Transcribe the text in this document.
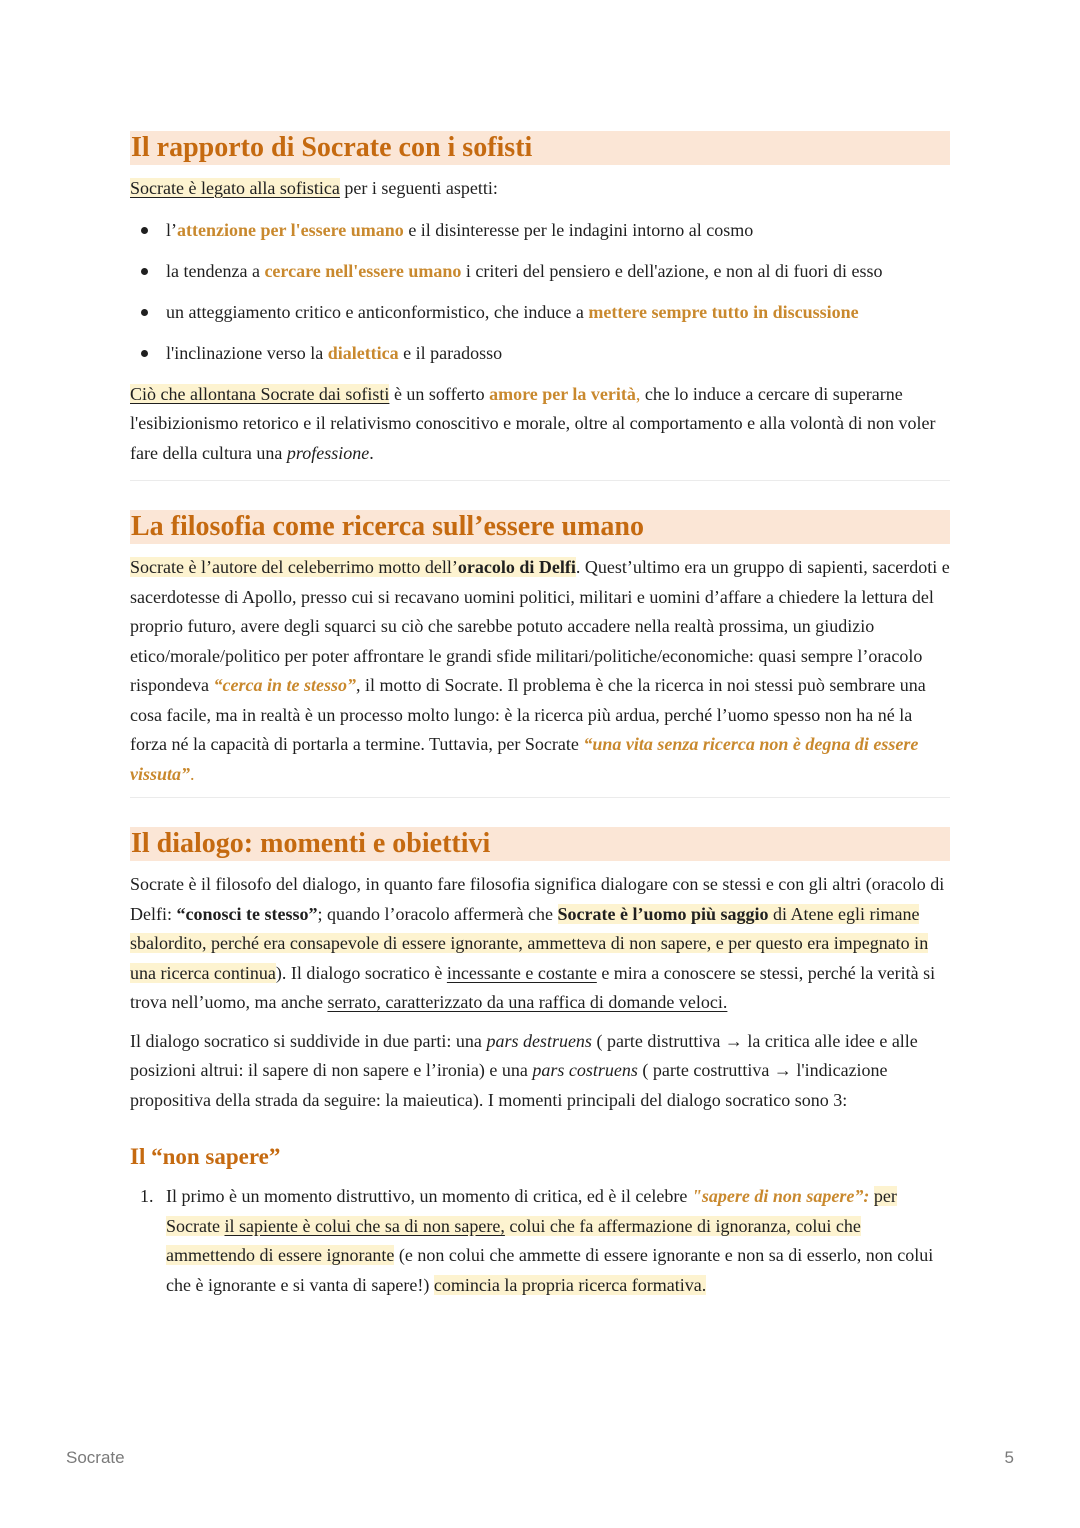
Il rapporto di Socrate con i sofisti

Socrate è legato alla sofistica per i seguenti aspetti:

l’attenzione per l'essere umano e il disinteresse per le indagini intorno al cosmo
la tendenza a cercare nell'essere umano i criteri del pensiero e dell'azione, e non al di fuori di esso
un atteggiamento critico e anticonformistico, che induce a mettere sempre tutto in discussione
l'inclinazione verso la dialettica e il paradosso

Ciò che allontana Socrate dai sofisti è un sofferto amore per la verità, che lo induce a cercare di superarne l'esibizionismo retorico e il relativismo conoscitivo e morale, oltre al comportamento e alla volontà di non voler fare della cultura una professione.

La filosofia come ricerca sull’essere umano

Socrate è l’autore del celeberrimo motto dell’oracolo di Delfi. Quest’ultimo era un gruppo di sapienti, sacerdoti e sacerdotesse di Apollo, presso cui si recavano uomini politici, militari e uomini d’affare a chiedere la lettura del proprio futuro, avere degli squarci su ciò che sarebbe potuto accadere nella realtà prossima, un giudizio etico/morale/politico per poter affrontare le grandi sfide militari/politiche/economiche: quasi sempre l’oracolo rispondeva “cerca in te stesso”, il motto di Socrate. Il problema è che la ricerca in noi stessi può sembrare una cosa facile, ma in realtà è un processo molto lungo: è la ricerca più ardua, perché l’uomo spesso non ha né la forza né la capacità di portarla a termine. Tuttavia, per Socrate “una vita senza ricerca non è degna di essere vissuta”.

Il dialogo: momenti e obiettivi

Socrate è il filosofo del dialogo, in quanto fare filosofia significa dialogare con se stessi e con gli altri (oracolo di Delfi: “conosci te stesso”; quando l’oracolo affermerà che Socrate è l’uomo più saggio di Atene egli rimane sbalordito, perché era consapevole di essere ignorante, ammetteva di non sapere, e per questo era impegnato in una ricerca continua). Il dialogo socratico è incessante e costante e mira a conoscere se stessi, perché la verità si trova nell’uomo, ma anche serrato, caratterizzato da una raffica di domande veloci.

Il dialogo socratico si suddivide in due parti: una pars destruens ( parte distruttiva → la critica alle idee e alle posizioni altrui: il sapere di non sapere e l’ironia) e una pars costruens ( parte costruttiva → l'indicazione propositiva della strada da seguire: la maieutica). I momenti principali del dialogo socratico sono 3:

Il “non sapere”
1. Il primo è un momento distruttivo, un momento di critica, ed è il celebre "sapere di non sapere”: per Socrate il sapiente è colui che sa di non sapere, colui che fa affermazione di ignoranza, colui che ammettendo di essere ignorante (e non colui che ammette di essere ignorante e non sa di esserlo, non colui che è ignorante e si vanta di sapere!) comincia la propria ricerca formativa.
Socrate	5
